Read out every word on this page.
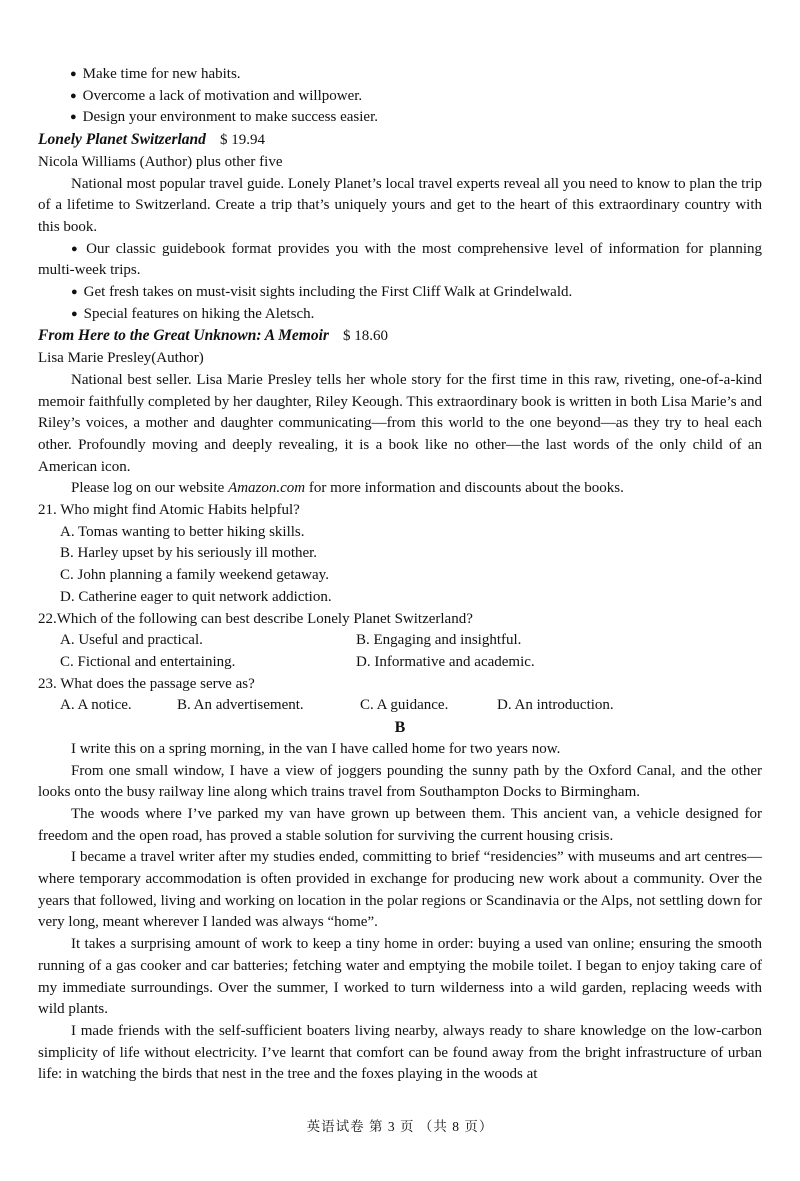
● Make time for new habits.
● Overcome a lack of motivation and willpower.
● Design your environment to make success easier.
Lonely Planet Switzerland $ 19.94
Nicola Williams (Author) plus other five
National most popular travel guide. Lonely Planet’s local travel experts reveal all you need to know to plan the trip of a lifetime to Switzerland. Create a trip that’s uniquely yours and get to the heart of this extraordinary country with this book.
● Our classic guidebook format provides you with the most comprehensive level of information for planning multi-week trips.
● Get fresh takes on must-visit sights including the First Cliff Walk at Grindelwald.
● Special features on hiking the Aletsch.
From Here to the Great Unknown: A Memoir $ 18.60
Lisa Marie Presley(Author)
National best seller. Lisa Marie Presley tells her whole story for the first time in this raw, riveting, one-of-a-kind memoir faithfully completed by her daughter, Riley Keough. This extraordinary book is written in both Lisa Marie’s and Riley’s voices, a mother and daughter communicating—from this world to the one beyond—as they try to heal each other. Profoundly moving and deeply revealing, it is a book like no other—the last words of the only child of an American icon.
Please log on our website Amazon.com for more information and discounts about the books.
21. Who might find Atomic Habits helpful?
A. Tomas wanting to better hiking skills.
B. Harley upset by his seriously ill mother.
C. John planning a family weekend getaway.
D. Catherine eager to quit network addiction.
22.Which of the following can best describe Lonely Planet Switzerland?
A. Useful and practical.	B. Engaging and insightful.
C. Fictional and entertaining.	D. Informative and academic.
23. What does the passage serve as?
A. A notice.	B. An advertisement.	C. A guidance.	D. An introduction.
B
I write this on a spring morning, in the van I have called home for two years now.
From one small window, I have a view of joggers pounding the sunny path by the Oxford Canal, and the other looks onto the busy railway line along which trains travel from Southampton Docks to Birmingham.
The woods where I’ve parked my van have grown up between them. This ancient van, a vehicle designed for freedom and the open road, has proved a stable solution for surviving the current housing crisis.
I became a travel writer after my studies ended, committing to brief “residencies” with museums and art centres—where temporary accommodation is often provided in exchange for producing new work about a community. Over the years that followed, living and working on location in the polar regions or Scandinavia or the Alps, not settling down for very long, meant wherever I landed was always “home”.
It takes a surprising amount of work to keep a tiny home in order: buying a used van online; ensuring the smooth running of a gas cooker and car batteries; fetching water and emptying the mobile toilet. I began to enjoy taking care of my immediate surroundings. Over the summer, I worked to turn wilderness into a wild garden, replacing weeds with wild plants.
I made friends with the self-sufficient boaters living nearby, always ready to share knowledge on the low-carbon simplicity of life without electricity. I’ve learnt that comfort can be found away from the bright infrastructure of urban life: in watching the birds that nest in the tree and the foxes playing in the woods at
英语试卷 第 3 页 （共 8 页）
